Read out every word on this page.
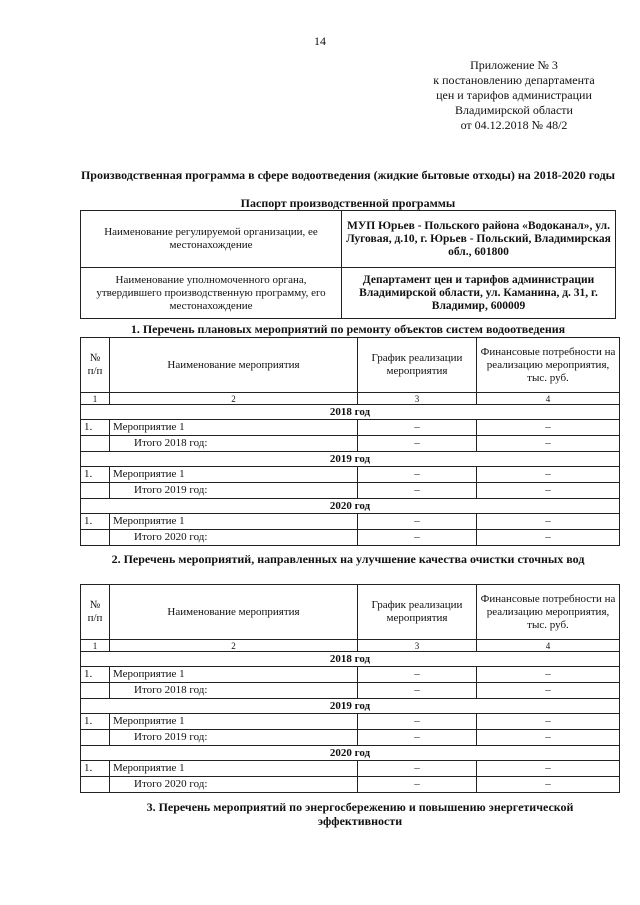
14
Приложение № 3
к постановлению департамента
цен и тарифов администрации
Владимирской области
от 04.12.2018 № 48/2
Производственная программа в сфере водоотведения (жидкие бытовые отходы) на 2018-2020 годы
Паспорт производственной программы
Наименование регулируемой организации, ее местонахождение	МУП Юрьев - Польского района «Водоканал», ул. Луговая, д.10, г. Юрьев - Польский, Владимирская обл., 601800
Наименование уполномоченного органа, утвердившего производственную программу, его местонахождение	Департамент цен и тарифов администрации Владимирской области, ул. Каманина, д. 31, г. Владимир, 600009
1. Перечень плановых мероприятий по ремонту объектов систем водоотведения
№ п/п	Наименование мероприятия	График реализации мероприятия	Финансовые потребности на реализацию мероприятия, тыс. руб.
1	2	3	4
2018 год			
1.	Мероприятие 1	–	–
	Итого 2018 год:	–	–
2019 год			
1.	Мероприятие 1	–	–
	Итого 2019 год:	–	–
2020 год			
1.	Мероприятие 1	–	–
	Итого 2020 год:	–	–
2. Перечень мероприятий, направленных на улучшение качества очистки сточных вод
№ п/п	Наименование мероприятия	График реализации мероприятия	Финансовые потребности на реализацию мероприятия, тыс. руб.
1	2	3	4
2018 год			
1.	Мероприятие 1	–	–
	Итого 2018 год:	–	–
2019 год			
1.	Мероприятие 1	–	–
	Итого 2019 год:	–	–
2020 год			
1.	Мероприятие 1	–	–
	Итого 2020 год:	–	–
3. Перечень мероприятий по энергосбережению и повышению энергетической эффективности
